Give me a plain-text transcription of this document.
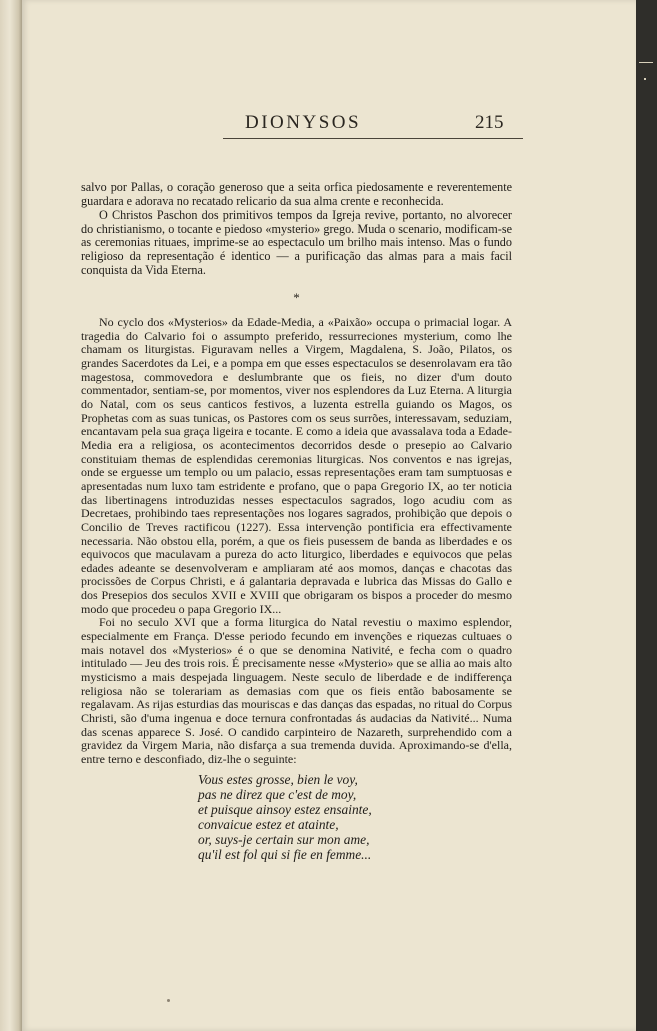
DIONYSOS	215

salvo por Pallas, o coração generoso que a seita orfica piedosamente e reverentemente guardara e adorava no recatado relicario da sua alma crente e reconhecida.

O Christos Paschon dos primitivos tempos da Igreja revive, portanto, no alvorecer do christianismo, o tocante e piedoso «mysterio» grego. Muda o scenario, modificam-se as ceremonias rituaes, imprime-se ao espectaculo um brilho mais intenso. Mas o fundo religioso da representação é identico — a purificação das almas para a mais facil conquista da Vida Eterna.

*

No cyclo dos «Mysterios» da Edade-Media, a «Paixão» occupa o primacial logar. A tragedia do Calvario foi o assumpto preferido, ressurreciones mysterium, como lhe chamam os liturgistas. Figuravam nelles a Virgem, Magdalena, S. João, Pilatos, os grandes Sacerdotes da Lei, e a pompa em que esses espectaculos se desenrolavam era tão magestosa, commovedora e deslumbrante que os fieis, no dizer d'um douto commentador, sentiam-se, por momentos, viver nos esplendores da Luz Eterna. A liturgia do Natal, com os seus canticos festivos, a luzenta estrella guiando os Magos, os Prophetas com as suas tunicas, os Pastores com os seus surrões, interessavam, seduziam, encantavam pela sua graça ligeira e tocante. E como a ideia que avassalava toda a Edade-Media era a religiosa, os acontecimentos decorridos desde o presepio ao Calvario constituiam themas de esplendidas ceremonias liturgicas. Nos conventos e nas igrejas, onde se erguesse um templo ou um palacio, essas representações eram tam sumptuosas e apresentadas num luxo tam estridente e profano, que o papa Gregorio IX, ao ter noticia das libertinagens introduzidas nesses espectaculos sagrados, logo acudiu com as Decretaes, prohibindo taes representações nos logares sagrados, prohibição que depois o Concilio de Treves ractificou (1227). Essa intervenção pontificia era effectivamente necessaria. Não obstou ella, porém, a que os fieis pusessem de banda as liberdades e os equivocos que maculavam a pureza do acto liturgico, liberdades e equivocos que pelas edades adeante se desenvolveram e ampliaram até aos momos, danças e chacotas das procissões de Corpus Christi, e á galantaria depravada e lubrica das Missas do Gallo e dos Presepios dos seculos XVII e XVIII que obrigaram os bispos a proceder do mesmo modo que procedeu o papa Gregorio IX...

Foi no seculo XVI que a forma liturgica do Natal revestiu o maximo esplendor, especialmente em França. D'esse periodo fecundo em invenções e riquezas cultuaes o mais notavel dos «Mysterios» é o que se denomina Nativité, e fecha com o quadro intitulado — Jeu des trois rois. É precisamente nesse «Mysterio» que se allia ao mais alto mysticismo a mais despejada linguagem. Neste seculo de liberdade e de indifferença religiosa não se tolerariam as demasias com que os fieis então babosamente se regalavam. As rijas esturdias das mouriscas e das danças das espadas, no ritual do Corpus Christi, são d'uma ingenua e doce ternura confrontadas ás audacias da Nativité... Numa das scenas apparece S. José. O candido carpinteiro de Nazareth, surprehendido com a gravidez da Virgem Maria, não disfarça a sua tremenda duvida. Aproximando-se d'ella, entre terno e desconfiado, diz-lhe o seguinte:

Vous estes grosse, bien le voy,
pas ne direz que c'est de moy,
et puisque ainsoy estez ensainte,
convaicue estez et atainte,
or, suys-je certain sur mon ame,
qu'il est fol qui si fie en femme...
